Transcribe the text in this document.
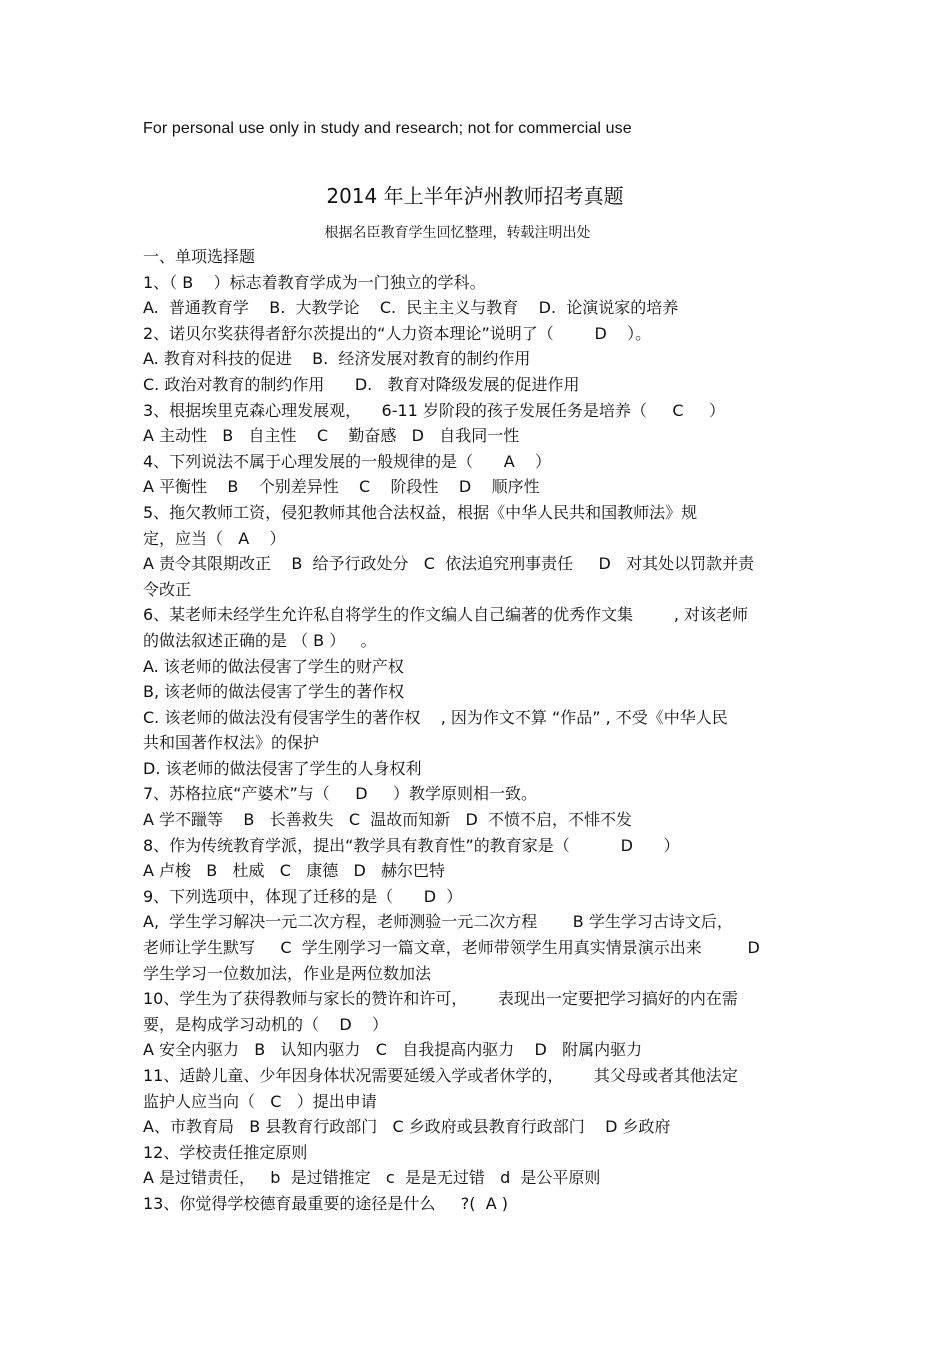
For personal use only in study and research; not for commercial use
2014 年上半年泸州教师招考真题
根据名臣教育学生回忆整理，转载注明出处
一、单项选择题
1、（ B    ）标志着教育学成为一门独立的学科。
A.  普通教育学    B.  大教学论    C.  民主主义与教育    D.  论演说家的培养
2、诺贝尔奖获得者舒尔茨提出的“人力资本理论”说明了（        D    ）。
A. 教育对科技的促进    B.  经济发展对教育的制约作用
C. 政治对教育的制约作用      D.   教育对降级发展的促进作用
3、根据埃里克森心理发展观，    6-11 岁阶段的孩子发展任务是培养（     C     ）
A 主动性   B   自主性    C    勤奋感   D   自我同一性
4、下列说法不属于心理发展的一般规律的是（      A    ）
A 平衡性    B    个别差异性    C    阶段性    D    顺序性
5、拖欠教师工资，侵犯教师其他合法权益，根据《中华人民共和国教师法》规
定，应当（   A    ）
A 责令其限期改正    B  给予行政处分   C  依法追究刑事责任     D   对其处以罚款并责
令改正
6、某老师未经学生允许私自将学生的作文编人自己编著的优秀作文集        , 对该老师
的做法叙述正确的是 （ B ）   。
A. 该老师的做法侵害了学生的财产权
B, 该老师的做法侵害了学生的著作权
C. 该老师的做法没有侵害学生的著作权    , 因为作文不算 “作品” , 不受《中华人民
共和国著作权法》的保护
D. 该老师的做法侵害了学生的人身权利
7、苏格拉底“产婆术”与（     D     ）教学原则相一致。
A 学不躐等    B   长善救失   C  温故而知新   D  不愤不启，不悱不发
8、作为传统教育学派，提出“教学具有教育性”的教育家是（          D      ）
A 卢梭   B   杜威   C   康德   D   赫尔巴特
9、下列选项中，体现了迁移的是（      D  ）
A,  学生学习解决一元二次方程，老师测验一元二次方程       B 学生学习古诗文后，
老师让学生默写     C  学生刚学习一篇文章，老师带领学生用真实情景演示出来         D
学生学习一位数加法，作业是两位数加法
10、学生为了获得教师与家长的赞许和许可，      表现出一定要把学习搞好的内在需
要，是构成学习动机的（    D    ）
A 安全内驱力   B   认知内驱力   C   自我提高内驱力    D   附属内驱力
11、适龄儿童、少年因身体状况需要延缓入学或者休学的，      其父母或者其他法定
监护人应当向（   C   ）提出申请
A、市教育局   B 县教育行政部门   C 乡政府或县教育行政部门    D 乡政府
12、学校责任推定原则
A 是过错责任，   b  是过错推定   c  是是无过错   d  是公平原则
13、你觉得学校德育最重要的途径是什么     ?(  A )
